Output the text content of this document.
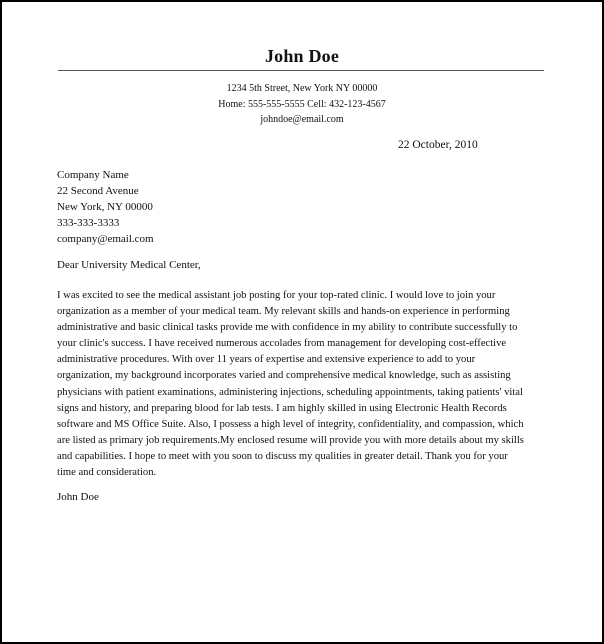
John Doe
1234 5th Street, New York NY 00000
Home: 555-555-5555 Cell: 432-123-4567
johndoe@email.com
22 October, 2010
Company Name
22 Second Avenue
New York, NY 00000
333-333-3333
company@email.com
Dear University Medical Center,
I was excited to see the medical assistant job posting for your top-rated clinic. I would love to join your
organization as a member of your medical team. My relevant skills and hands-on experience in performing
administrative and basic clinical tasks provide me with confidence in my ability to contribute successfully to
your clinic's success. I have received numerous accolades from management for developing cost-effective
administrative procedures. With over 11 years of expertise and extensive experience to add to your
organization, my background incorporates varied and comprehensive medical knowledge, such as assisting
physicians with patient examinations, administering injections, scheduling appointments, taking patients' vital
signs and history, and preparing blood for lab tests. I am highly skilled in using Electronic Health Records
software and MS Office Suite. Also, I possess a high level of integrity, confidentiality, and compassion, which
are listed as primary job requirements.My enclosed resume will provide you with more details about my skills
and capabilities. I hope to meet with you soon to discuss my qualities in greater detail. Thank you for your
time and consideration.
John Doe
